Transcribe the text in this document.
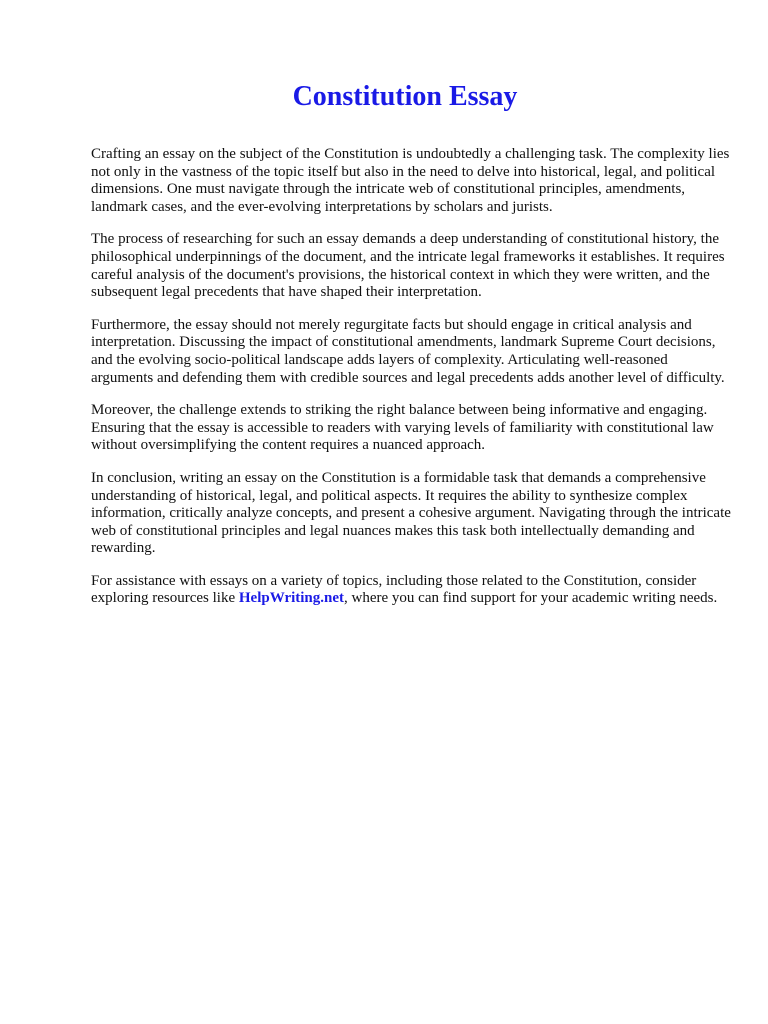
Constitution Essay

Crafting an essay on the subject of the Constitution is undoubtedly a challenging task. The complexity lies not only in the vastness of the topic itself but also in the need to delve into historical, legal, and political dimensions. One must navigate through the intricate web of constitutional principles, amendments, landmark cases, and the ever-evolving interpretations by scholars and jurists.

The process of researching for such an essay demands a deep understanding of constitutional history, the philosophical underpinnings of the document, and the intricate legal frameworks it establishes. It requires careful analysis of the document's provisions, the historical context in which they were written, and the subsequent legal precedents that have shaped their interpretation.

Furthermore, the essay should not merely regurgitate facts but should engage in critical analysis and interpretation. Discussing the impact of constitutional amendments, landmark Supreme Court decisions, and the evolving socio-political landscape adds layers of complexity. Articulating well-reasoned arguments and defending them with credible sources and legal precedents adds another level of difficulty.

Moreover, the challenge extends to striking the right balance between being informative and engaging. Ensuring that the essay is accessible to readers with varying levels of familiarity with constitutional law without oversimplifying the content requires a nuanced approach.

In conclusion, writing an essay on the Constitution is a formidable task that demands a comprehensive understanding of historical, legal, and political aspects. It requires the ability to synthesize complex information, critically analyze concepts, and present a cohesive argument. Navigating through the intricate web of constitutional principles and legal nuances makes this task both intellectually demanding and rewarding.

For assistance with essays on a variety of topics, including those related to the Constitution, consider exploring resources like HelpWriting.net, where you can find support for your academic writing needs.
